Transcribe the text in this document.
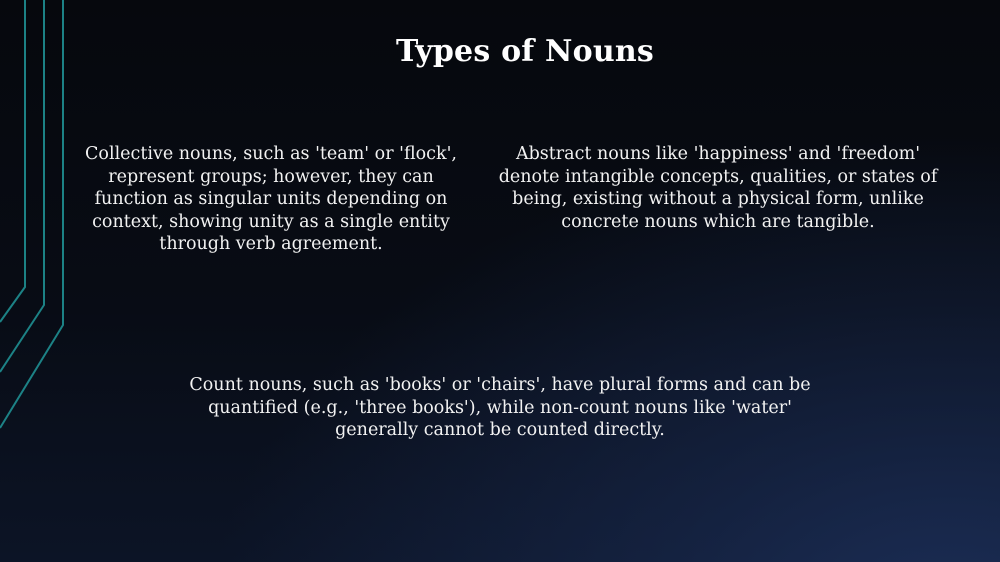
Types of Nouns
Collective nouns, such as 'team' or 'flock', represent groups; however, they can function as singular units depending on context, showing unity as a single entity through verb agreement.
Abstract nouns like 'happiness' and 'freedom' denote intangible concepts, qualities, or states of being, existing without a physical form, unlike concrete nouns which are tangible.
Count nouns, such as 'books' or 'chairs', have plural forms and can be quantified (e.g., 'three books'), while non-count nouns like 'water' generally cannot be counted directly.
